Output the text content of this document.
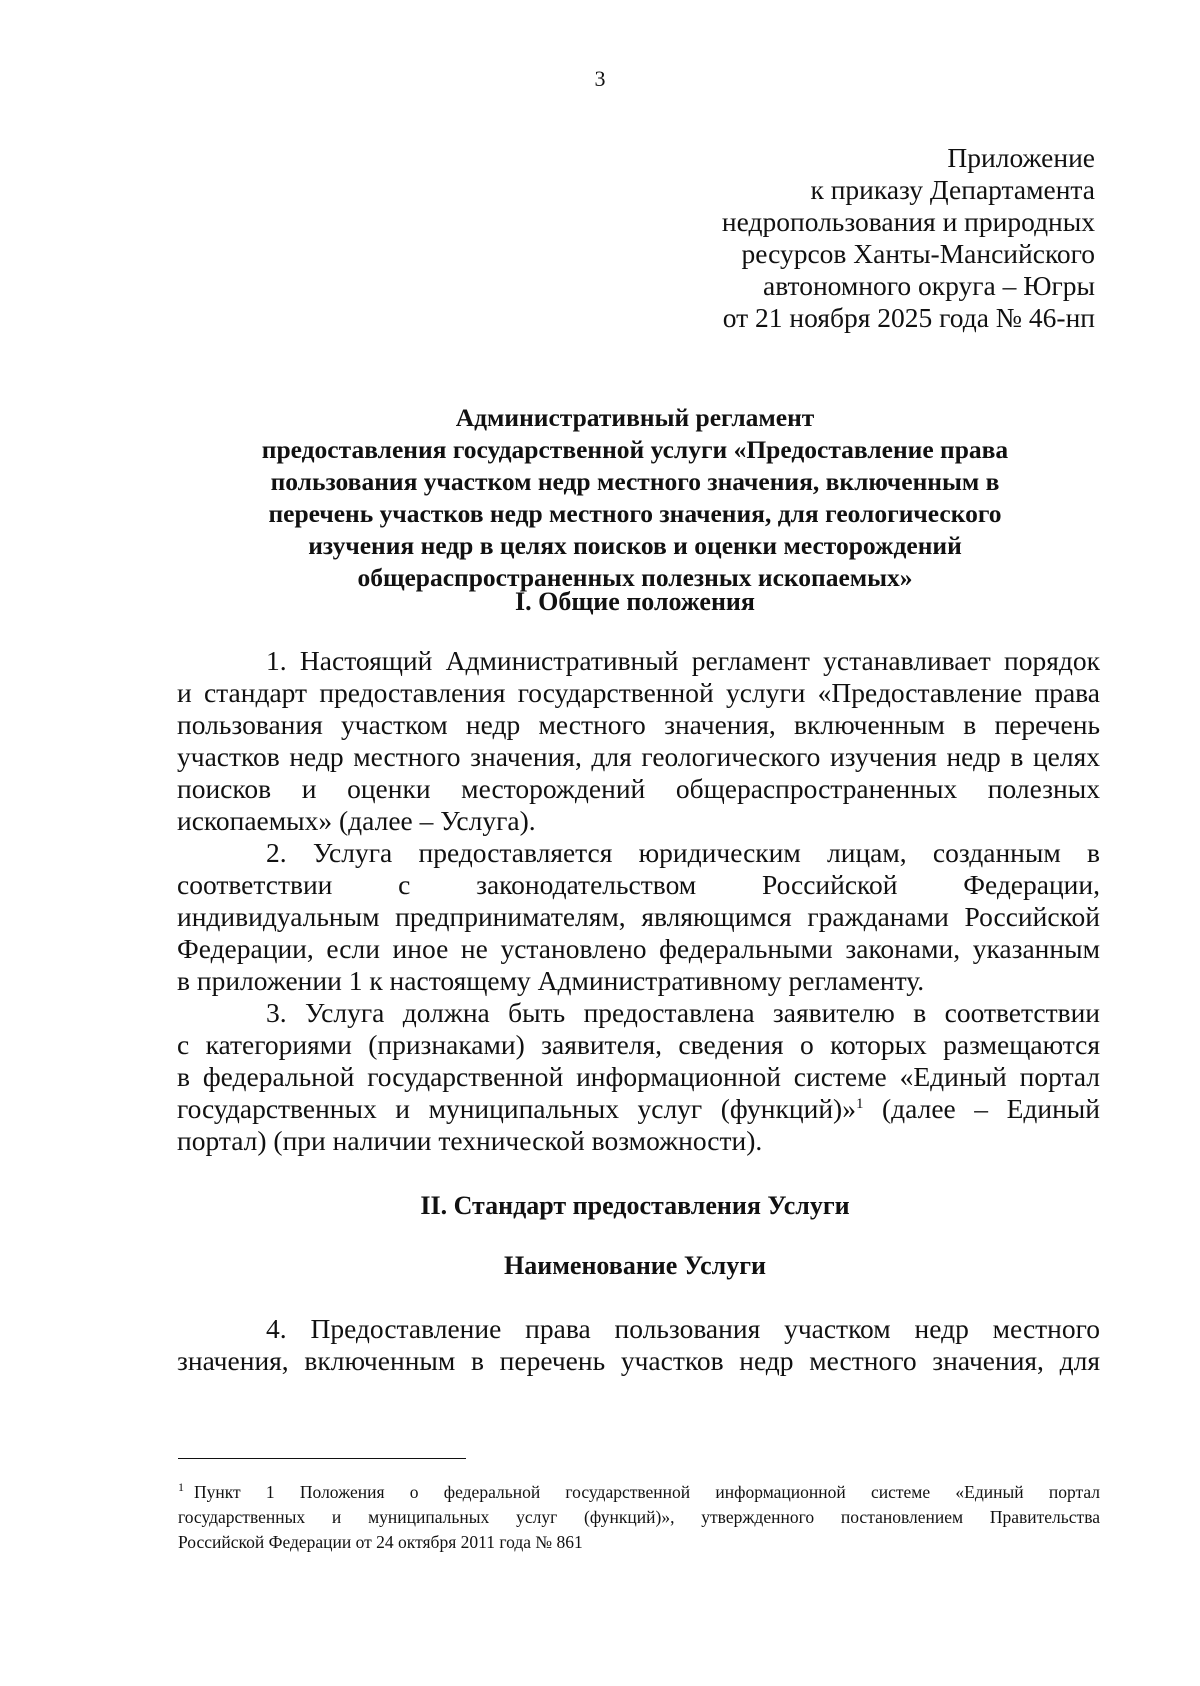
3
Приложение
к приказу Департамента
недропользования и природных
ресурсов Ханты-Мансийского
автономного округа – Югры
от 21 ноября 2025 года № 46-нп
Административный регламент
предоставления государственной услуги «Предоставление права
пользования участком недр местного значения, включенным в
перечень участков недр местного значения, для геологического
изучения недр в целях поисков и оценки месторождений
общераспространенных полезных ископаемых»
I. Общие положения
1. Настоящий Административный регламент устанавливает порядок
и стандарт предоставления государственной услуги «Предоставление права
пользования участком недр местного значения, включенным в перечень
участков недр местного значения, для геологического изучения недр в целях
поисков и оценки месторождений общераспространенных полезных
ископаемых» (далее – Услуга).
2. Услуга предоставляется юридическим лицам, созданным в
соответствии с законодательством Российской Федерации,
индивидуальным предпринимателям, являющимся гражданами Российской
Федерации, если иное не установлено федеральными законами, указанным
в приложении 1 к настоящему Административному регламенту.
3. Услуга должна быть предоставлена заявителю в соответствии
с категориями (признаками) заявителя, сведения о которых размещаются
в федеральной государственной информационной системе «Единый портал
государственных и муниципальных услуг (функций)»$^1$ (далее – Единый
портал) (при наличии технической возможности).
II. Стандарт предоставления Услуги
Наименование Услуги
4. Предоставление права пользования участком недр местного
значения, включенным в перечень участков недр местного значения, для
$^1$ Пункт 1 Положения о федеральной государственной информационной системе «Единый портал
государственных и муниципальных услуг (функций)», утвержденного постановлением Правительства
Российской Федерации от 24 октября 2011 года № 861
